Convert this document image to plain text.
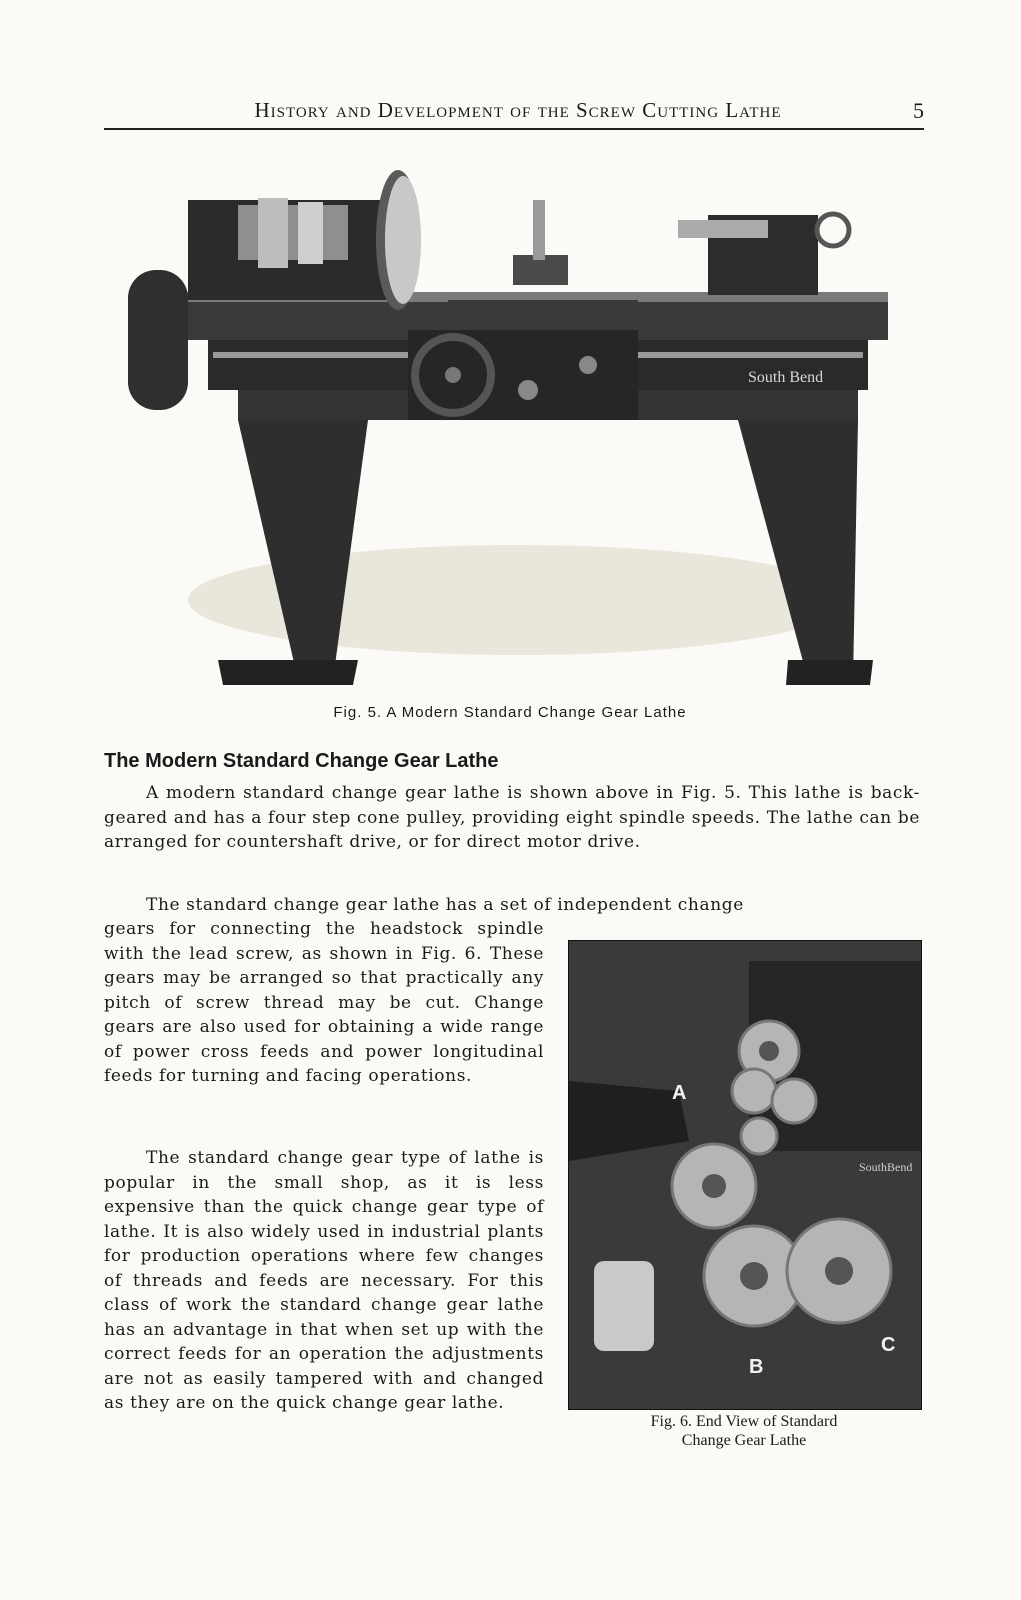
History and Development of the Screw Cutting Lathe	5
South Bend
Fig. 5. A Modern Standard Change Gear Lathe
The Modern Standard Change Gear Lathe
A modern standard change gear lathe is shown above in Fig. 5. This lathe is back-geared and has a four step cone pulley, providing eight spindle speeds. The lathe can be arranged for countershaft drive, or for direct motor drive.
The standard change gear lathe has a set of independent change
gears for connecting the headstock spindle with the lead screw, as shown in Fig. 6. These gears may be arranged so that practically any pitch of screw thread may be cut. Change gears are also used for obtaining a wide range of power cross feeds and power longitudinal feeds for turning and facing operations.
The standard change gear type of lathe is popular in the small shop, as it is less expensive than the quick change gear type of lathe. It is also widely used in industrial plants for production operations where few changes of threads and feeds are necessary. For this class of work the standard change gear lathe has an advantage in that when set up with the correct feeds for an operation the adjustments are not as easily tampered with and changed as they are on the quick change gear lathe.
SouthBend
A
B
C
Fig. 6. End View of Standard
Change Gear Lathe
